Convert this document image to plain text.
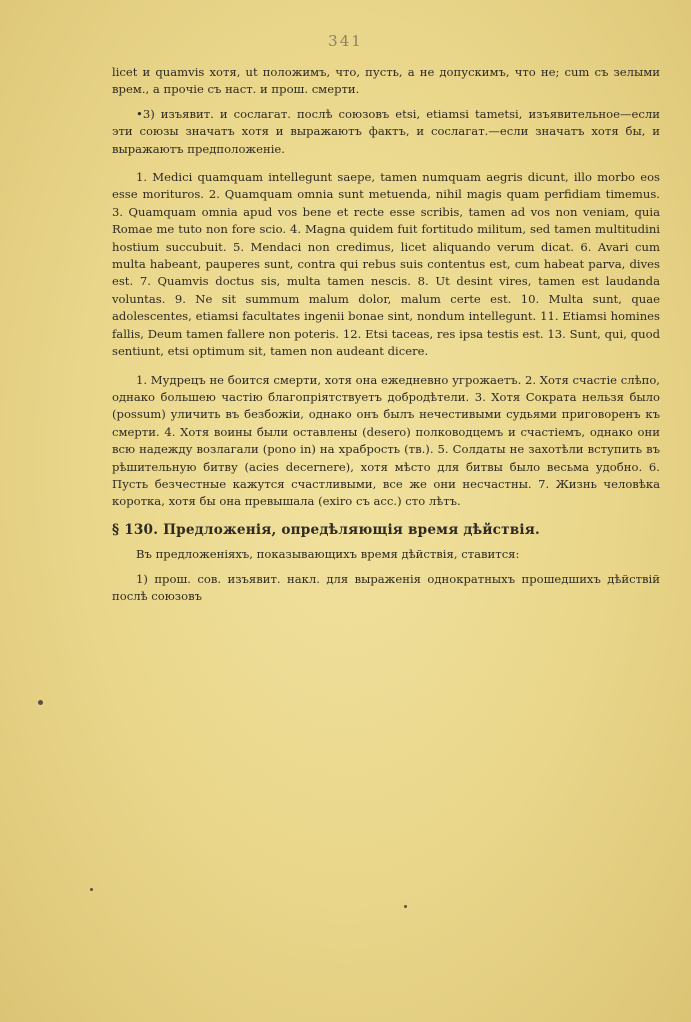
341

licet и quamvis хотя, ut положимъ, что, пусть, а не допускимъ, что не; cum съ зелыми врем., а прочіе съ наст. и прош. смерти.

•3) изъявит. и сослагат. послѣ союзовъ etsi, etiamsi tametsi, изъявительное—если эти союзы значатъ хотя и выражаютъ фактъ, и сослагат.—если значатъ хотя бы, и выражаютъ предположеніе.

1. Medici quamquam intellegunt saepe, tamen numquam aegris dicunt, illo morbo eos esse morituros. 2. Quamquam omnia sunt metuenda, nihil magis quam perfidiam timemus. 3. Quamquam omnia apud vos bene et recte esse scribis, tamen ad vos non veniam, quia Romae me tuto non fore scio. 4. Magna quidem fuit fortitudo militum, sed tamen multitudini hostium succubuit. 5. Mendaci non credimus, licet aliquando verum dicat. 6. Avari cum multa habeant, pauperes sunt, contra qui rebus suis contentus est, cum habeat parva, dives est. 7. Quamvis doctus sis, multa tamen nescis. 8. Ut desint vires, tamen est laudanda voluntas. 9. Ne sit summum malum dolor, malum certe est. 10. Multa sunt, quae adolescentes, etiamsi facultates ingenii bonae sint, nondum intellegunt. 11. Etiamsi homines fallis, Deum tamen fallere non poteris. 12. Etsi taceas, res ipsa testis est. 13. Sunt, qui, quod sentiunt, etsi optimum sit, tamen non audeant dicere.

1. Мудрецъ не боится смерти, хотя она ежедневно угрожаетъ. 2. Хотя счастіе слѣпо, однако большею частію благопріятствуетъ добродѣтели. 3. Хотя Сократа нельзя было (possum) уличить въ безбожіи, однако онъ былъ нечестивыми судьями приговоренъ къ смерти. 4. Хотя воины были оставлены (desero) полководцемъ и счастіемъ, однако они всю надежду возлагали (pono in) на храбрость (тв.). 5. Солдаты не захотѣли вступить въ рѣшительную битву (acies decernere), хотя мѣсто для битвы было весьма удобно. 6. Пусть безчестные кажутся счастливыми, все же они несчастны. 7. Жизнь человѣка коротка, хотя бы она превышала (exiro съ acc.) сто лѣтъ.

§ 130. Предложенія, опредѣляющія время дѣйствія.

Въ предложеніяхъ, показывающихъ время дѣйствія, ставится:

1) прош. сов. изъявит. накл. для выраженія однократныхъ прошедшихъ дѣйствій послѣ союзовъ
